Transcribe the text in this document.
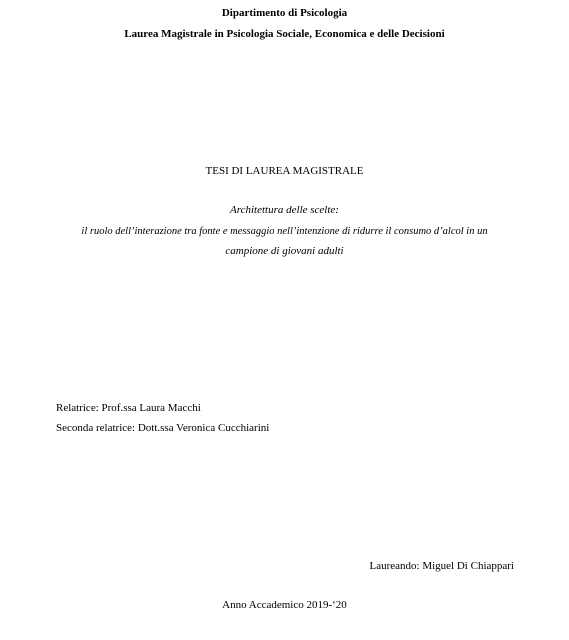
Dipartimento di Psicologia
Laurea Magistrale in Psicologia Sociale, Economica e delle Decisioni
TESI DI LAUREA MAGISTRALE
Architettura delle scelte:
il ruolo dell’interazione tra fonte e messaggio nell’intenzione di ridurre il consumo d’alcol in un
campione di giovani adulti
Relatrice: Prof.ssa Laura Macchi
Seconda relatrice: Dott.ssa Veronica Cucchiarini
Laureando: Miguel Di Chiappari
Anno Accademico 2019-‘20
